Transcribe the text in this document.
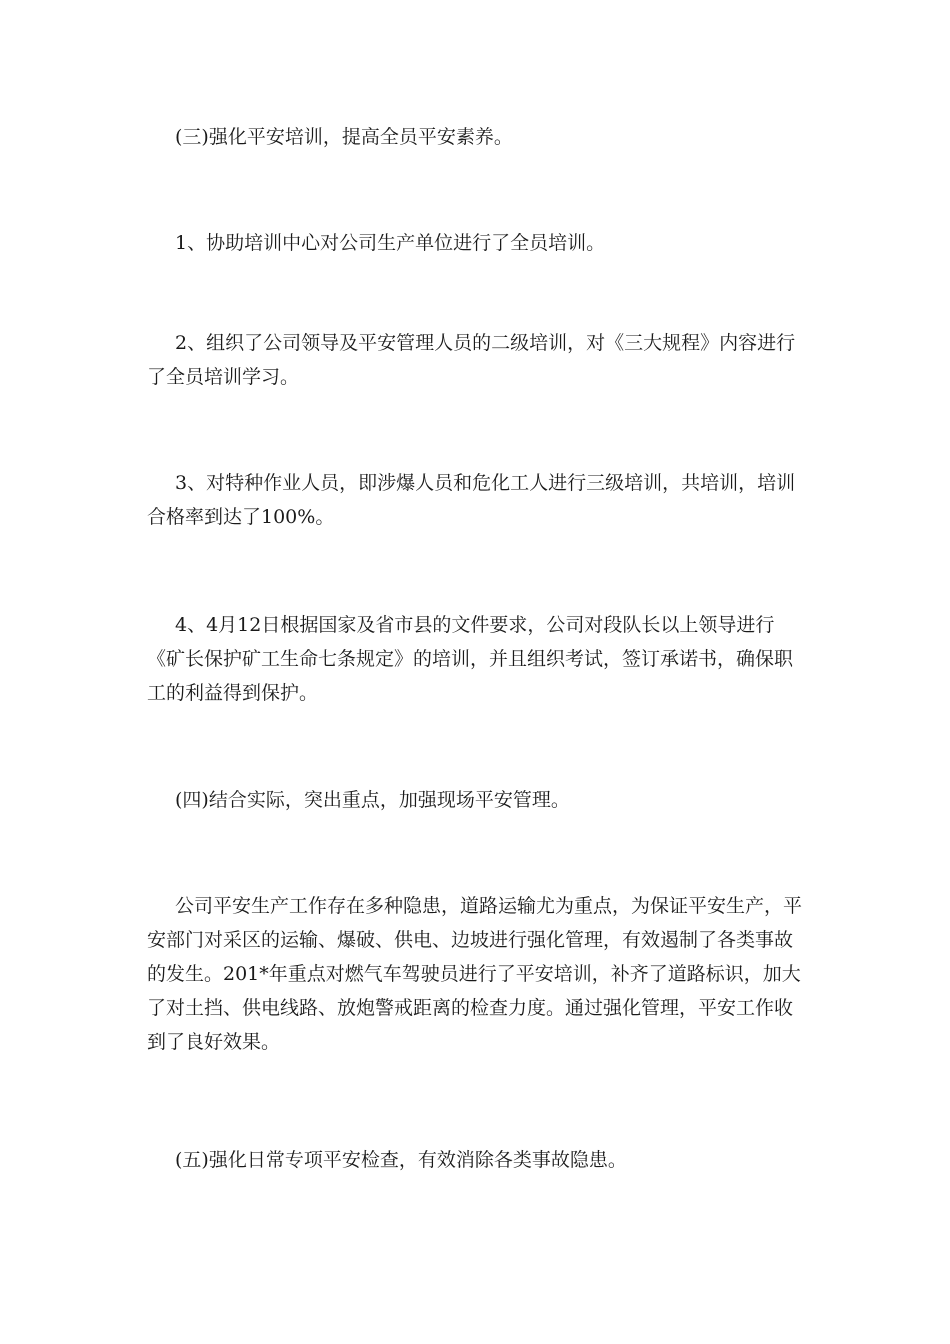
(三)强化平安培训，提高全员平安素养。

1、协助培训中心对公司生产单位进行了全员培训。

2、组织了公司领导及平安管理人员的二级培训，对《三大规程》内容进行
了全员培训学习。

3、对特种作业人员，即涉爆人员和危化工人进行三级培训，共培训，培训
合格率到达了100%。

4、4月12日根据国家及省市县的文件要求，公司对段队长以上领导进行
《矿长保护矿工生命七条规定》的培训，并且组织考试，签订承诺书，确保职
工的利益得到保护。

(四)结合实际，突出重点，加强现场平安管理。

公司平安生产工作存在多种隐患，道路运输尤为重点，为保证平安生产，平
安部门对采区的运输、爆破、供电、边坡进行强化管理，有效遏制了各类事故
的发生。201*年重点对燃气车驾驶员进行了平安培训，补齐了道路标识，加大
了对土挡、供电线路、放炮警戒距离的检查力度。通过强化管理，平安工作收
到了良好效果。

(五)强化日常专项平安检查，有效消除各类事故隐患。
